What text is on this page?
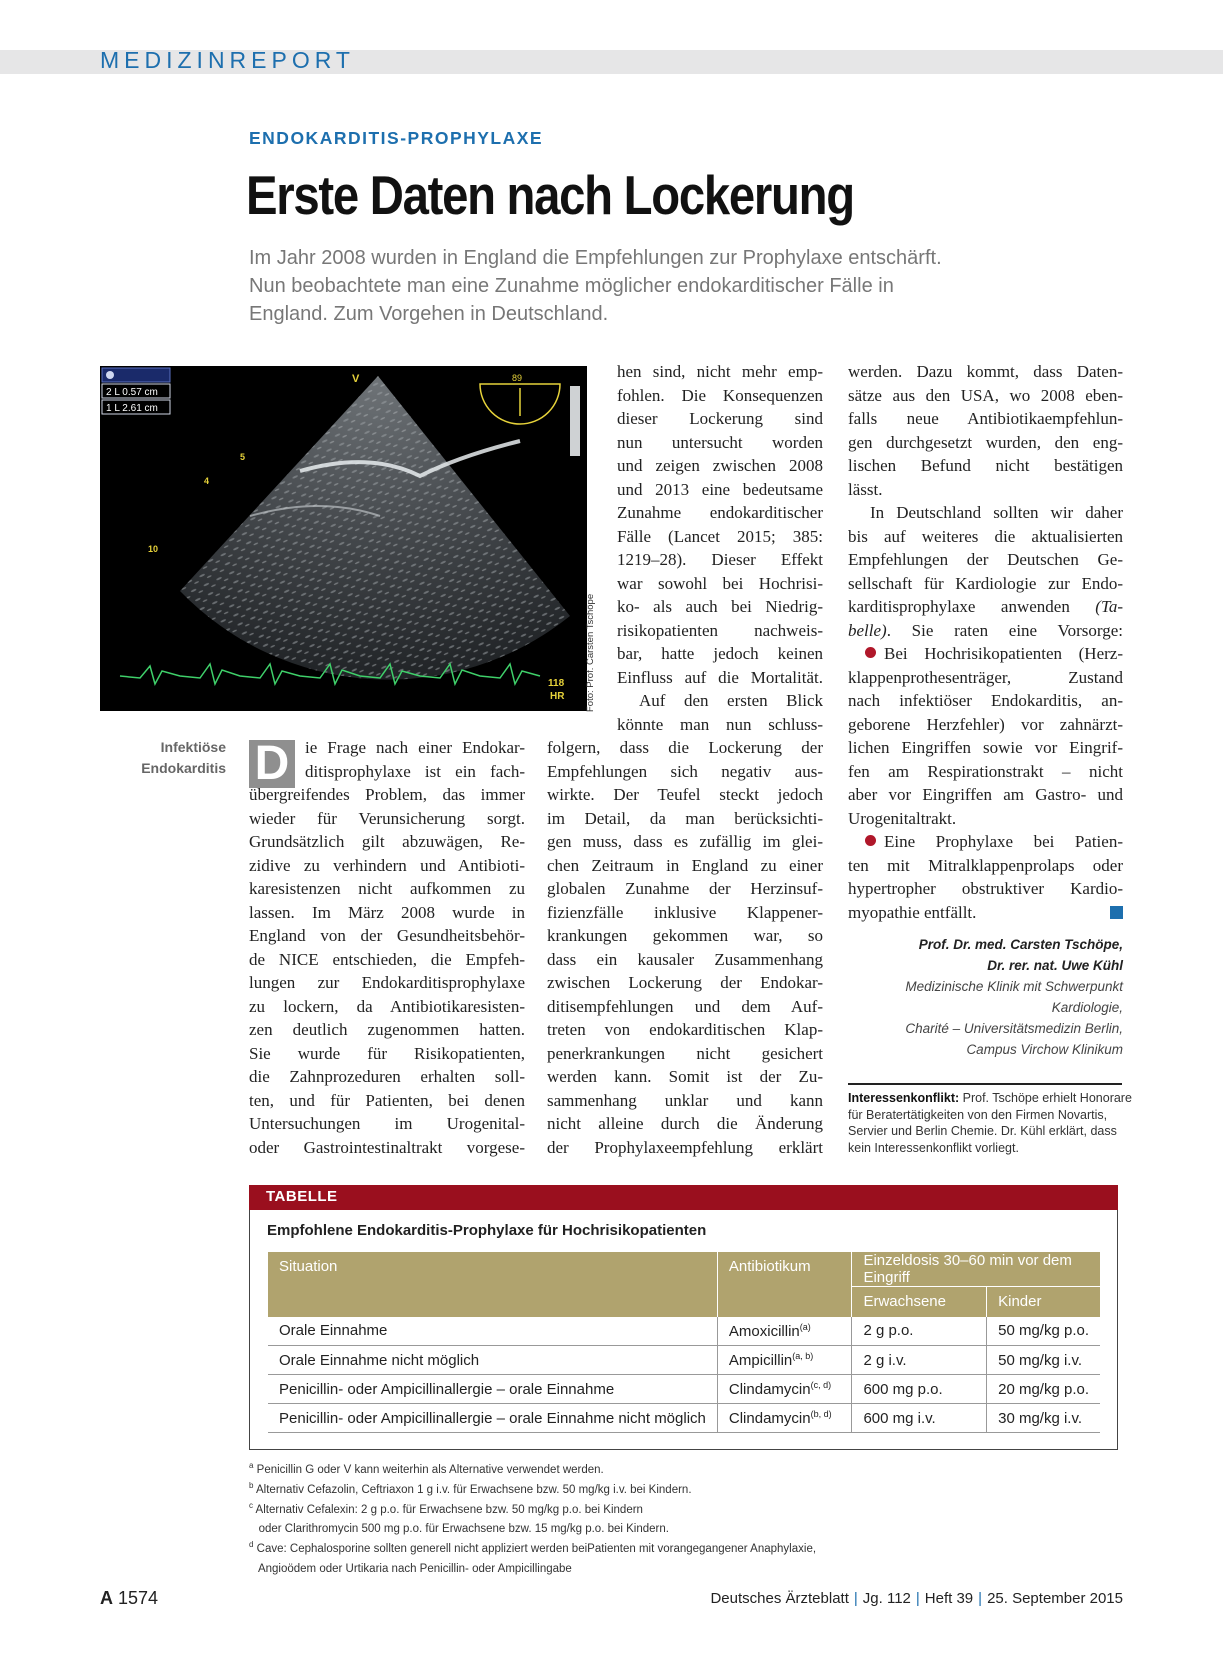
MEDIZINREPORT
ENDOKARDITIS-PROPHYLAXE
Erste Daten nach Lockerung
Im Jahr 2008 wurden in England die Empfehlungen zur Prophylaxe entschärft.
Nun beobachtete man eine Zunahme möglicher endokarditischer Fälle in
England. Zum Vorgehen in Deutschland.
2 L 0.57 cm
1 L 2.61 cm
V
5
4
10
89
118
HR Foto: Prof. Carsten Tschöpe
Infektiöse
Endokarditis D ie Frage nach einer Endokar-
ditisprophylaxe ist ein fach-
übergreifendes Problem, das immer
wieder für Verunsicherung sorgt.
Grundsätzlich gilt abzuwägen, Re-
zidive zu verhindern und Antibioti-
karesistenzen nicht aufkommen zu
lassen. Im März 2008 wurde in
England von der Gesundheitsbehör-
de NICE entschieden, die Empfeh-
lungen zur Endokarditisprophylaxe
zu lockern, da Antibiotikaresisten-
zen deutlich zugenommen hatten.
Sie wurde für Risikopatienten,
die Zahnprozeduren erhalten soll-
ten, und für Patienten, bei denen
Untersuchungen im Urogenital-
oder Gastrointestinaltrakt vorgese-
hen sind, nicht mehr emp-
fohlen. Die Konsequenzen
dieser Lockerung sind
nun untersucht worden
und zeigen zwischen 2008
und 2013 eine bedeutsame
Zunahme endokarditischer
Fälle (Lancet 2015; 385:
1219–28). Dieser Effekt
war sowohl bei Hochrisi-
ko- als auch bei Niedrig-
risikopatienten nachweis-
bar, hatte jedoch keinen
Einfluss auf die Mortalität.
Auf den ersten Blick
könnte man nun schluss-
folgern, dass die Lockerung der
Empfehlungen sich negativ aus-
wirkte. Der Teufel steckt jedoch
im Detail, da man berücksichti-
gen muss, dass es zufällig im glei-
chen Zeitraum in England zu einer
globalen Zunahme der Herzinsuf-
fizienzfälle inklusive Klappener-
krankungen gekommen war, so
dass ein kausaler Zusammenhang
zwischen Lockerung der Endokar-
ditisempfehlungen und dem Auf-
treten von endokarditischen Klap-
penerkrankungen nicht gesichert
werden kann. Somit ist der Zu-
sammenhang unklar und kann
nicht alleine durch die Änderung
der Prophylaxeempfehlung erklärt
werden. Dazu kommt, dass Daten-
sätze aus den USA, wo 2008 eben-
falls neue Antibiotikaempfehlun-
gen durchgesetzt wurden, den eng-
lischen Befund nicht bestätigen
lässt.
In Deutschland sollten wir daher
bis auf weiteres die aktualisierten
Empfehlungen der Deutschen Ge-
sellschaft für Kardiologie zur Endo-
karditisprophylaxe anwenden (Ta-
belle). Sie raten eine Vorsorge:
Bei Hochrisikopatienten (Herz-
klappenprothesenträger, Zustand
nach infektiöser Endokarditis, an-
geborene Herzfehler) vor zahnärzt-
lichen Eingriffen sowie vor Eingrif-
fen am Respirationstrakt – nicht
aber vor Eingriffen am Gastro- und
Urogenitaltrakt.
Eine Prophylaxe bei Patien-
ten mit Mitralklappenprolaps oder
hypertropher obstruktiver Kardio-
myopathie entfällt.
Prof. Dr. med. Carsten Tschöpe,
Dr. rer. nat. Uwe Kühl
Medizinische Klinik mit Schwerpunkt
Kardiologie,
Charité – Universitätsmedizin Berlin,
Campus Virchow Klinikum
Interessenkonflikt: Prof. Tschöpe erhielt Honorare
für Beratertätigkeiten von den Firmen Novartis,
Servier und Berlin Chemie. Dr. Kühl erklärt, dass
kein Interessenkonflikt vorliegt.
TABELLE
Empfohlene Endokarditis-Prophylaxe für Hochrisikopatienten
Situation	Antibiotikum	Einzeldosis 30–60 min vor dem Eingriff	
		Erwachsene	Kinder
Orale Einnahme	Amoxicillin$^{(a)}$	2 g p.o.	50 mg/kg p.o.
Orale Einnahme nicht möglich	Ampicillin$^{(a, b)}$	2 g i.v.	50 mg/kg i.v.
Penicillin- oder Ampicillinallergie – orale Einnahme	Clindamycin$^{(c, d)}$	600 mg p.o.	20 mg/kg p.o.
Penicillin- oder Ampicillinallergie – orale Einnahme nicht möglich	Clindamycin$^{(b, d)}$	600 mg i.v.	30 mg/kg i.v.
$^a$ Penicillin G oder V kann weiterhin als Alternative verwendet werden.
$^b$ Alternativ Cefazolin, Ceftriaxon 1 g i.v. für Erwachsene bzw. 50 mg/kg i.v. bei Kindern.
$^c$ Alternativ Cefalexin: 2 g p.o. für Erwachsene bzw. 50 mg/kg p.o. bei Kindern
oder Clarithromycin 500 mg p.o. für Erwachsene bzw. 15 mg/kg p.o. bei Kindern.
$^d$ Cave: Cephalosporine sollten generell nicht appliziert werden beiPatienten mit vorangegangener Anaphylaxie,
Angioödem oder Urtikaria nach Penicillin- oder Ampicillingabe
A 1574	Deutsches Ärzteblatt | Jg. 112 | Heft 39 | 25. September 2015
